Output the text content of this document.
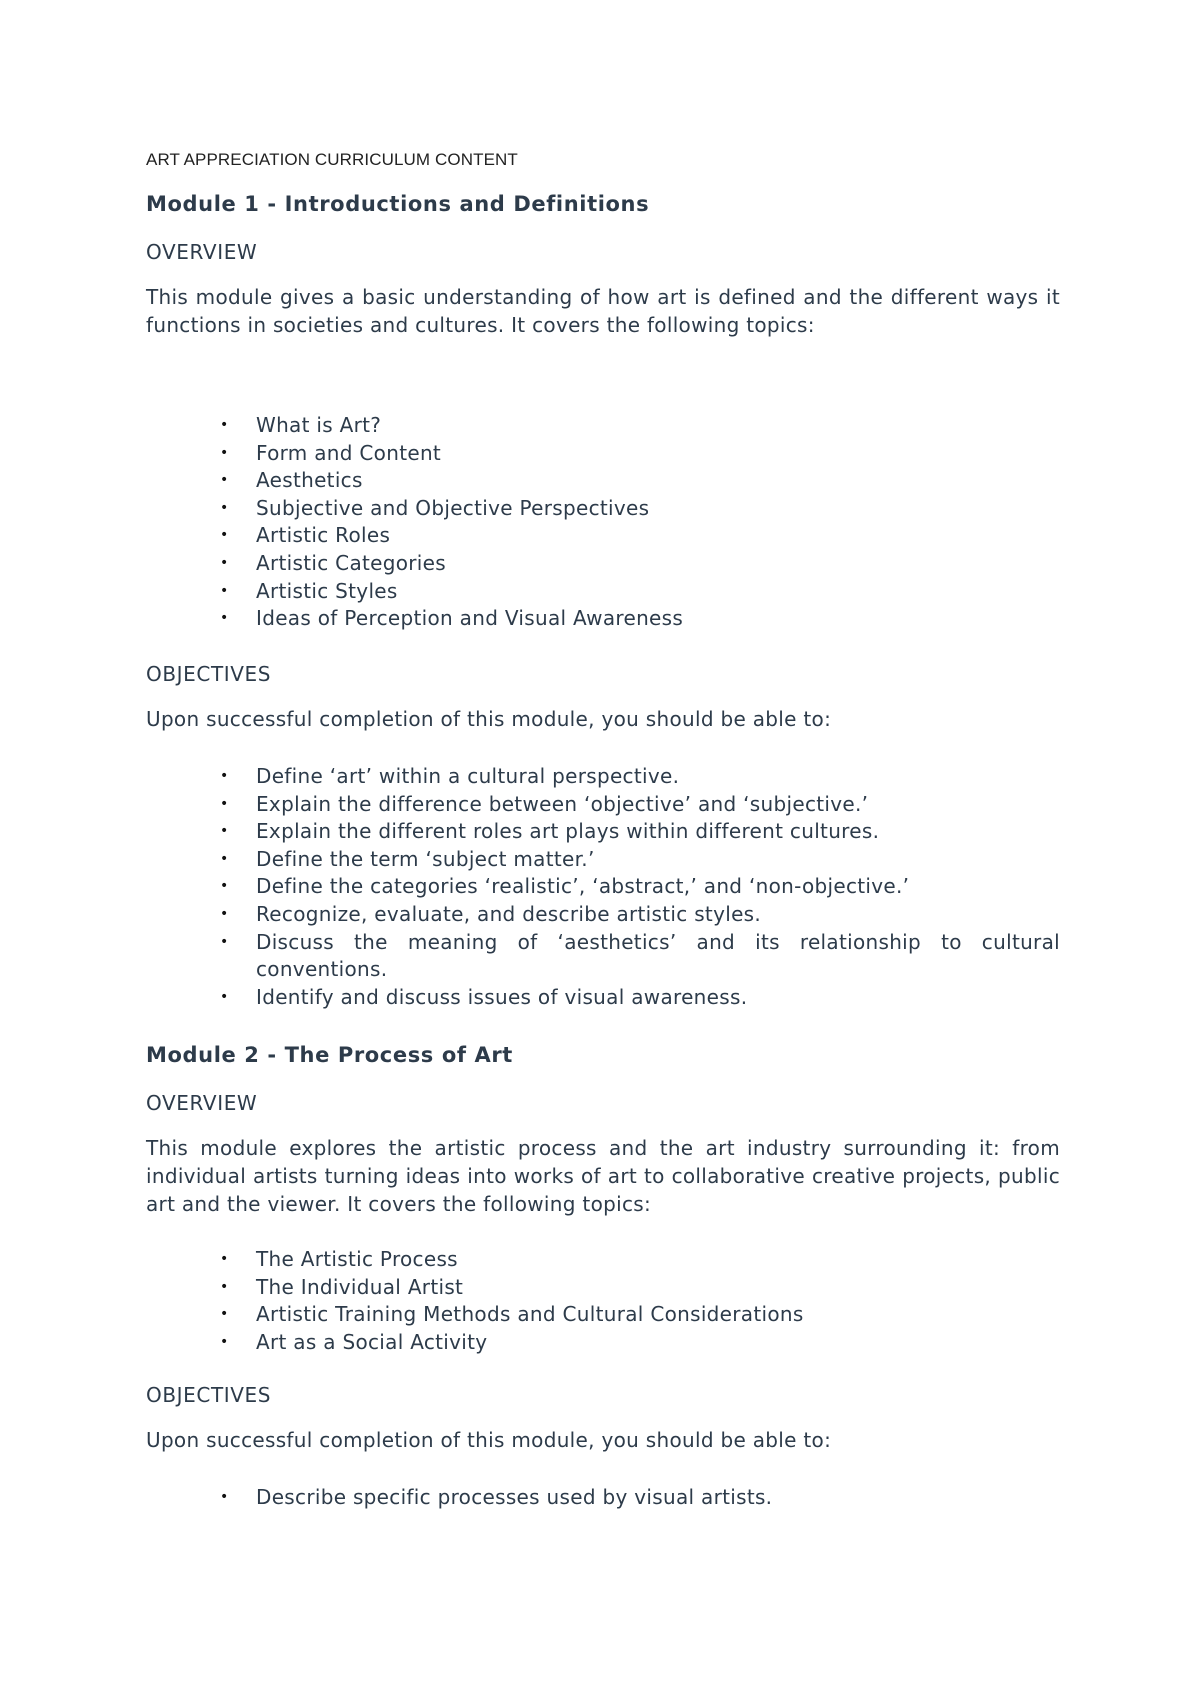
ART APPRECIATION CURRICULUM CONTENT
Module 1 - Introductions and Definitions
OVERVIEW
This module gives a basic understanding of how art is defined and the different ways it functions in societies and cultures. It covers the following topics:
• What is Art?
• Form and Content
• Aesthetics
• Subjective and Objective Perspectives
• Artistic Roles
• Artistic Categories
• Artistic Styles
• Ideas of Perception and Visual Awareness
OBJECTIVES
Upon successful completion of this module, you should be able to:
• Define ‘art’ within a cultural perspective.
• Explain the difference between ‘objective’ and ‘subjective.’
• Explain the different roles art plays within different cultures.
• Define the term ‘subject matter.’
• Define the categories ‘realistic’, ‘abstract,’ and ‘non-objective.’
• Recognize, evaluate, and describe artistic styles.
• Discuss the meaning of ‘aesthetics’ and its relationship to cultural conventions.
• Identify and discuss issues of visual awareness.
Module 2 - The Process of Art
OVERVIEW
This module explores the artistic process and the art industry surrounding it: from individual artists turning ideas into works of art to collaborative creative projects, public art and the viewer. It covers the following topics:
• The Artistic Process
• The Individual Artist
• Artistic Training Methods and Cultural Considerations
• Art as a Social Activity
OBJECTIVES
Upon successful completion of this module, you should be able to:
• Describe specific processes used by visual artists.
